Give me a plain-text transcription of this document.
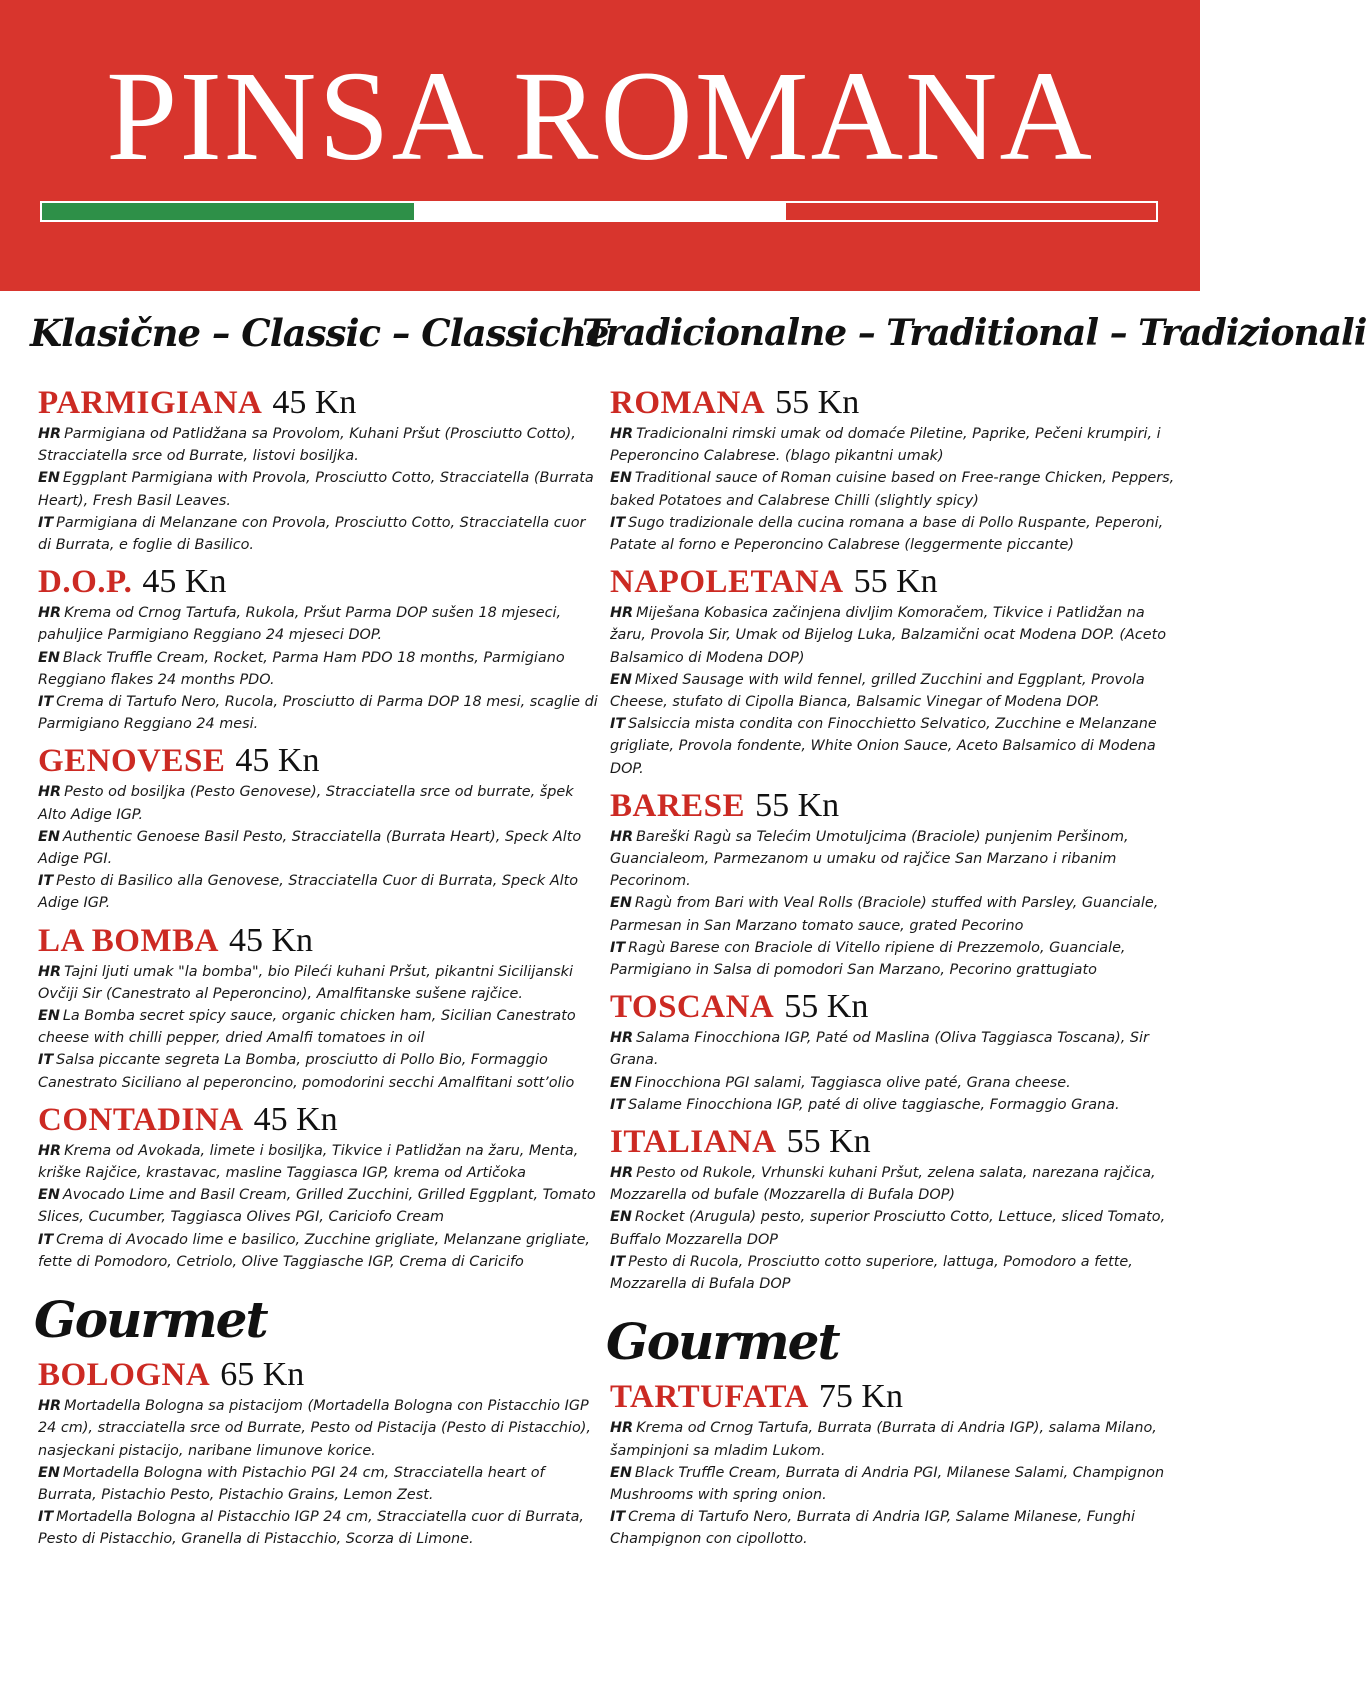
PINSA ROMANA
Klasične – Classic – Classiche
PARMIGIANA 45 Kn

HR Parmigiana od Patlidžana sa Provolom, Kuhani Pršut (Prosciutto Cotto), Stracciatella srce od Burrate, listovi bosiljka.

EN Eggplant Parmigiana with Provola, Prosciutto Cotto, Stracciatella (Burrata Heart), Fresh Basil Leaves.

IT Parmigiana di Melanzane con Provola, Prosciutto Cotto, Stracciatella cuor di Burrata, e foglie di Basilico.

D.O.P. 45 Kn

HR Krema od Crnog Tartufa, Rukola, Pršut Parma DOP sušen 18 mjeseci, pahuljice Parmigiano Reggiano 24 mjeseci DOP.

EN Black Truffle Cream, Rocket, Parma Ham PDO 18 months, Parmigiano Reggiano flakes 24 months PDO.

IT Crema di Tartufo Nero, Rucola, Prosciutto di Parma DOP 18 mesi, scaglie di Parmigiano Reggiano 24 mesi.

GENOVESE 45 Kn

HR Pesto od bosiljka (Pesto Genovese), Stracciatella srce od burrate, špek Alto Adige IGP.

EN Authentic Genoese Basil Pesto, Stracciatella (Burrata Heart), Speck Alto Adige PGI.

IT Pesto di Basilico alla Genovese, Stracciatella Cuor di Burrata, Speck Alto Adige IGP.

LA BOMBA 45 Kn

HR Tajni ljuti umak "la bomba", bio Pileći kuhani Pršut, pikantni Sicilijanski Ovčiji Sir (Canestrato al Peperoncino), Amalfitanske sušene rajčice.

EN La Bomba secret spicy sauce, organic chicken ham, Sicilian Canestrato cheese with chilli pepper, dried Amalfi tomatoes in oil

IT Salsa piccante segreta La Bomba, prosciutto di Pollo Bio, Formaggio Canestrato Siciliano al peperoncino, pomodorini secchi Amalfitani sott’olio

CONTADINA 45 Kn

HR Krema od Avokada, limete i bosiljka, Tikvice i Patlidžan na žaru, Menta, kriške Rajčice, krastavac, masline Taggiasca IGP, krema od Artičoka

EN Avocado Lime and Basil Cream, Grilled Zucchini, Grilled Eggplant, Tomato Slices, Cucumber, Taggiasca Olives PGI, Cariciofo Cream

IT Crema di Avocado lime e basilico, Zucchine grigliate, Melanzane grigliate, fette di Pomodoro, Cetriolo, Olive Taggiasche IGP, Crema di Caricifo

Gourmet
BOLOGNA 65 Kn

HR Mortadella Bologna sa pistacijom (Mortadella Bologna con Pistacchio IGP 24 cm), stracciatella srce od Burrate, Pesto od Pistacija (Pesto di Pistacchio), nasjeckani pistacijo, naribane limunove korice.

EN Mortadella Bologna with Pistachio PGI 24 cm, Stracciatella heart of Burrata, Pistachio Pesto, Pistachio Grains, Lemon Zest.

IT Mortadella Bologna al Pistacchio IGP 24 cm, Stracciatella cuor di Burrata, Pesto di Pistacchio, Granella di Pistacchio, Scorza di Limone.

Tradicionalne – Traditional – Tradizionali
ROMANA 55 Kn

HR Tradicionalni rimski umak od domaće Piletine, Paprike, Pečeni krumpiri, i Peperoncino Calabrese. (blago pikantni umak)

EN Traditional sauce of Roman cuisine based on Free-range Chicken, Peppers, baked Potatoes and Calabrese Chilli (slightly spicy)

IT Sugo tradizionale della cucina romana a base di Pollo Ruspante, Peperoni, Patate al forno e Peperoncino Calabrese (leggermente piccante)

NAPOLETANA 55 Kn

HR Miješana Kobasica začinjena divljim Komoračem, Tikvice i Patlidžan na žaru, Provola Sir, Umak od Bijelog Luka, Balzamični ocat Modena DOP. (Aceto Balsamico di Modena DOP)

EN Mixed Sausage with wild fennel, grilled Zucchini and Eggplant, Provola Cheese, stufato di Cipolla Bianca, Balsamic Vinegar of Modena DOP.

IT Salsiccia mista condita con Finocchietto Selvatico, Zucchine e Melanzane grigliate, Provola fondente, White Onion Sauce, Aceto Balsamico di Modena DOP.

BARESE 55 Kn

HR Bareški Ragù sa Telećim Umotuljcima (Braciole) punjenim Peršinom, Guancialeom, Parmezanom u umaku od rajčice San Marzano i ribanim Pecorinom.

EN Ragù from Bari with Veal Rolls (Braciole) stuffed with Parsley, Guanciale, Parmesan in San Marzano tomato sauce, grated Pecorino

IT Ragù Barese con Braciole di Vitello ripiene di Prezzemolo, Guanciale, Parmigiano in Salsa di pomodori San Marzano, Pecorino grattugiato

TOSCANA 55 Kn

HR Salama Finocchiona IGP, Paté od Maslina (Oliva Taggiasca Toscana), Sir Grana.

EN Finocchiona PGI salami, Taggiasca olive paté, Grana cheese.

IT Salame Finocchiona IGP, paté di olive taggiasche, Formaggio Grana.

ITALIANA 55 Kn

HR Pesto od Rukole, Vrhunski kuhani Pršut, zelena salata, narezana rajčica, Mozzarella od bufale (Mozzarella di Bufala DOP)

EN Rocket (Arugula) pesto, superior Prosciutto Cotto, Lettuce, sliced Tomato, Buffalo Mozzarella DOP

IT Pesto di Rucola, Prosciutto cotto superiore, lattuga, Pomodoro a fette, Mozzarella di Bufala DOP

Gourmet
TARTUFATA 75 Kn

HR Krema od Crnog Tartufa, Burrata (Burrata di Andria IGP), salama Milano, šampinjoni sa mladim Lukom.

EN Black Truffle Cream, Burrata di Andria PGI, Milanese Salami, Champignon Mushrooms with spring onion.

IT Crema di Tartufo Nero, Burrata di Andria IGP, Salame Milanese, Funghi Champignon con cipollotto.
